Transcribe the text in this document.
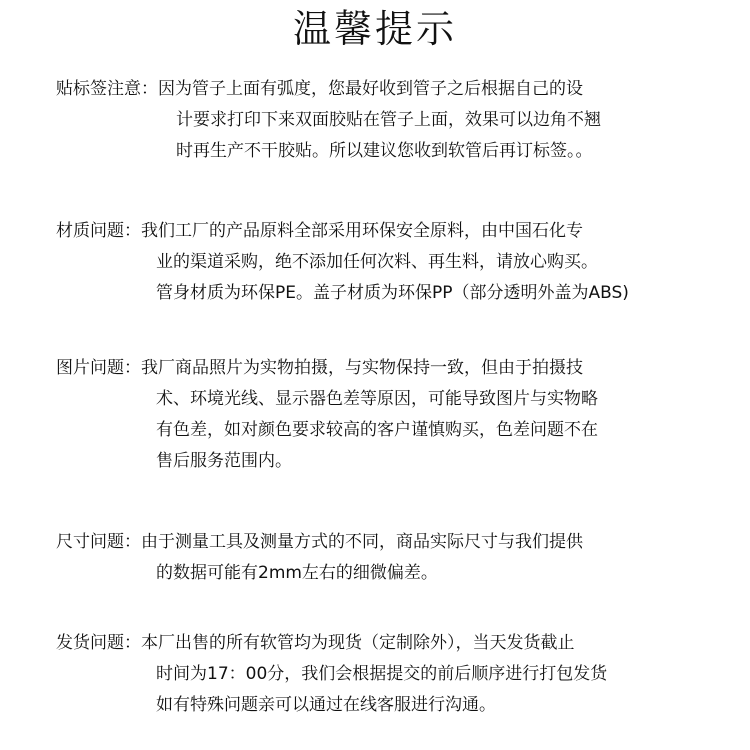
温馨提示
贴标签注意： 因为管子上面有弧度，您最好收到管子之后根据自己的设
计要求打印下来双面胶贴在管子上面，效果可以边角不翘
时再生产不干胶贴。所以建议您收到软管后再订标签。。
材质问题： 我们工厂的产品原料全部采用环保安全原料，由中国石化专
业的渠道采购，绝不添加任何次料、再生料，请放心购买。
管身材质为环保PE。盖子材质为环保PP（部分透明外盖为ABS)
图片问题： 我厂商品照片为实物拍摄，与实物保持一致，但由于拍摄技
术、环境光线、显示器色差等原因，可能导致图片与实物略
有色差，如对颜色要求较高的客户谨慎购买，色差问题不在
售后服务范围内。
尺寸问题： 由于测量工具及测量方式的不同，商品实际尺寸与我们提供
的数据可能有2mm左右的细微偏差。
发货问题： 本厂出售的所有软管均为现货（定制除外），当天发货截止
时间为17：00分，我们会根据提交的前后顺序进行打包发货
如有特殊问题亲可以通过在线客服进行沟通。
